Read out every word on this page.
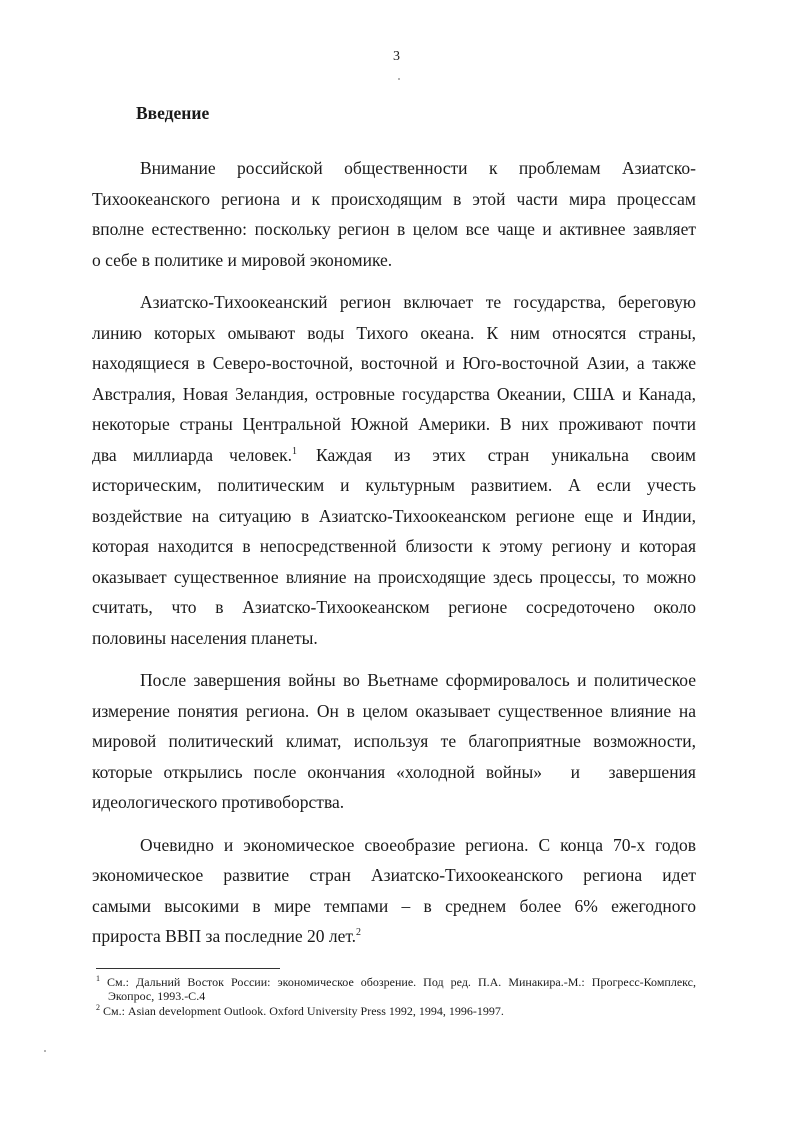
3
Введение

Внимание российской общественности к проблемам Азиатско-
Тихоокеанского региона и к происходящим в этой части мира процессам
вполне естественно: поскольку регион в целом все чаще и активнее заявляет
о себе в политике и мировой экономике.

Азиатско-Тихоокеанский регион включает те государства, береговую
линию которых омывают воды Тихого океана. К ним относятся страны,
находящиеся в Северо-восточной, восточной и Юго-восточной Азии, а также
Австралия, Новая Зеландия, островные государства Океании, США и Канада,
некоторые страны Центральной Южной Америки. В них проживают почти
два миллиарда человек.$^1$ Каждая из этих стран уникальна своим
историческим, политическим и культурным развитием. А если учесть
воздействие на ситуацию в Азиатско-Тихоокеанском регионе еще и Индии,
которая находится в непосредственной близости к этому региону и которая
оказывает существенное влияние на происходящие здесь процессы, то можно
считать, что в Азиатско-Тихоокеанском регионе сосредоточено около
половины населения планеты.

После завершения войны во Вьетнаме сформировалось и политическое
измерение понятия региона. Он в целом оказывает существенное влияние на
мировой политический климат, используя те благоприятные возможности,
которые открылись после окончания «холодной войны» и завершения
идеологического противоборства.

Очевидно и экономическое своеобразие региона. С конца 70-х годов
экономическое развитие стран Азиатско-Тихоокеанского региона идет
самыми высокими в мире темпами – в среднем более 6% ежегодного
прироста ВВП за последние 20 лет.$^2$

$^1$ См.: Дальний Восток России: экономическое обозрение. Под ред. П.А. Минакира.-М.: Прогресс-Комплекс,
Экопрос, 1993.-С.4
$^2$ См.: Asian development Outlook. Oxford University Press 1992, 1994, 1996-1997.
